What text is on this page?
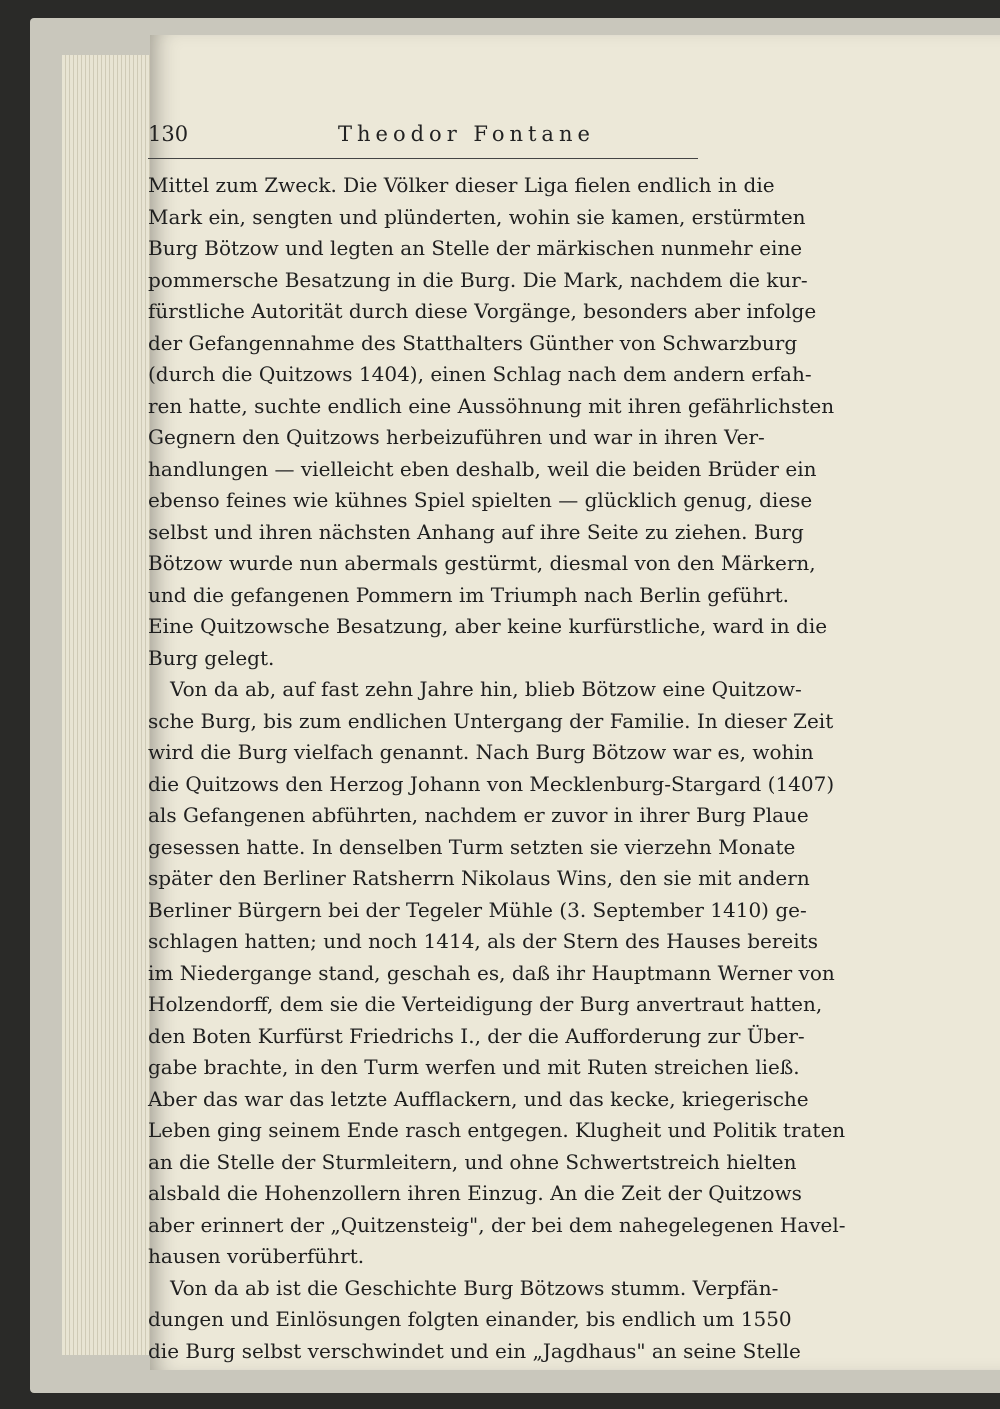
130	Theodor Fontane

Mittel zum Zweck. Die Völker dieser Liga fielen endlich in die
Mark ein, sengten und plünderten, wohin sie kamen, erstürmten
Burg Bötzow und legten an Stelle der märkischen nunmehr eine
pommersche Besatzung in die Burg. Die Mark, nachdem die kur-
fürstliche Autorität durch diese Vorgänge, besonders aber infolge
der Gefangennahme des Statthalters Günther von Schwarzburg
(durch die Quitzows 1404), einen Schlag nach dem andern erfah-
ren hatte, suchte endlich eine Aussöhnung mit ihren gefährlichsten
Gegnern den Quitzows herbeizuführen und war in ihren Ver-
handlungen — vielleicht eben deshalb, weil die beiden Brüder ein
ebenso feines wie kühnes Spiel spielten — glücklich genug, diese
selbst und ihren nächsten Anhang auf ihre Seite zu ziehen. Burg
Bötzow wurde nun abermals gestürmt, diesmal von den Märkern,
und die gefangenen Pommern im Triumph nach Berlin geführt.
Eine Quitzowsche Besatzung, aber keine kurfürstliche, ward in die
Burg gelegt.

Von da ab, auf fast zehn Jahre hin, blieb Bötzow eine Quitzow-
sche Burg, bis zum endlichen Untergang der Familie. In dieser Zeit
wird die Burg vielfach genannt. Nach Burg Bötzow war es, wohin
die Quitzows den Herzog Johann von Mecklenburg-Stargard (1407)
als Gefangenen abführten, nachdem er zuvor in ihrer Burg Plaue
gesessen hatte. In denselben Turm setzten sie vierzehn Monate
später den Berliner Ratsherrn Nikolaus Wins, den sie mit andern
Berliner Bürgern bei der Tegeler Mühle (3. September 1410) ge-
schlagen hatten; und noch 1414, als der Stern des Hauses bereits
im Niedergange stand, geschah es, daß ihr Hauptmann Werner von
Holzendorff, dem sie die Verteidigung der Burg anvertraut hatten,
den Boten Kurfürst Friedrichs I., der die Aufforderung zur Über-
gabe brachte, in den Turm werfen und mit Ruten streichen ließ.
Aber das war das letzte Aufflackern, und das kecke, kriegerische
Leben ging seinem Ende rasch entgegen. Klugheit und Politik traten
an die Stelle der Sturmleitern, und ohne Schwertstreich hielten
alsbald die Hohenzollern ihren Einzug. An die Zeit der Quitzows
aber erinnert der „Quitzensteig", der bei dem nahegelegenen Havel-
hausen vorüberführt.

Von da ab ist die Geschichte Burg Bötzows stumm. Verpfän-
dungen und Einlösungen folgten einander, bis endlich um 1550
die Burg selbst verschwindet und ein „Jagdhaus" an seine Stelle
